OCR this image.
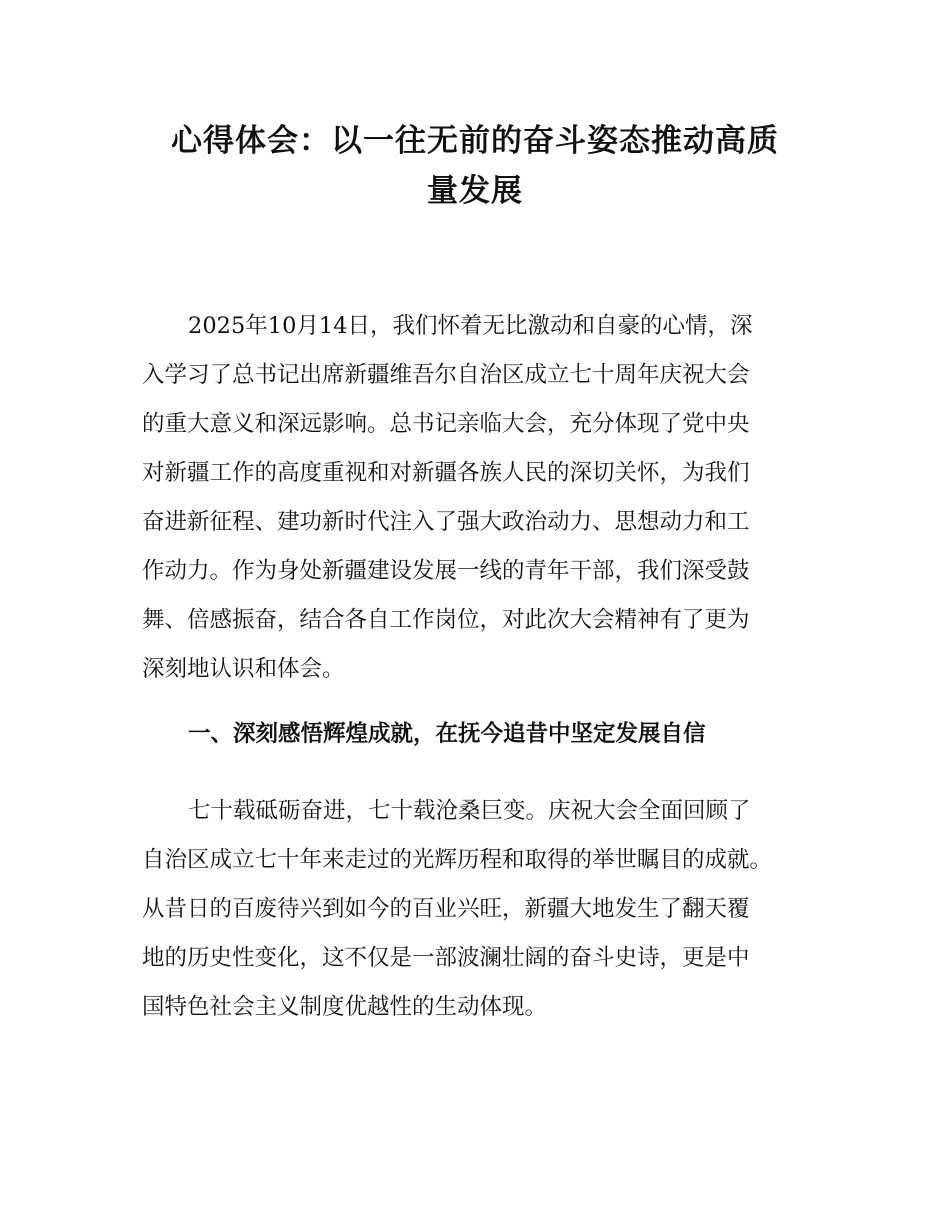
心得体会：以一往无前的奋斗姿态推动高质
量发展
2025年10月14日，我们怀着无比激动和自豪的心情，深
入学习了总书记出席新疆维吾尔自治区成立七十周年庆祝大会
的重大意义和深远影响。总书记亲临大会，充分体现了党中央
对新疆工作的高度重视和对新疆各族人民的深切关怀，为我们
奋进新征程、建功新时代注入了强大政治动力、思想动力和工
作动力。作为身处新疆建设发展一线的青年干部，我们深受鼓
舞、倍感振奋，结合各自工作岗位，对此次大会精神有了更为
深刻地认识和体会。
一、深刻感悟辉煌成就，在抚今追昔中坚定发展自信
七十载砥砺奋进，七十载沧桑巨变。庆祝大会全面回顾了
自治区成立七十年来走过的光辉历程和取得的举世瞩目的成就。
从昔日的百废待兴到如今的百业兴旺，新疆大地发生了翻天覆
地的历史性变化，这不仅是一部波澜壮阔的奋斗史诗，更是中
国特色社会主义制度优越性的生动体现。
